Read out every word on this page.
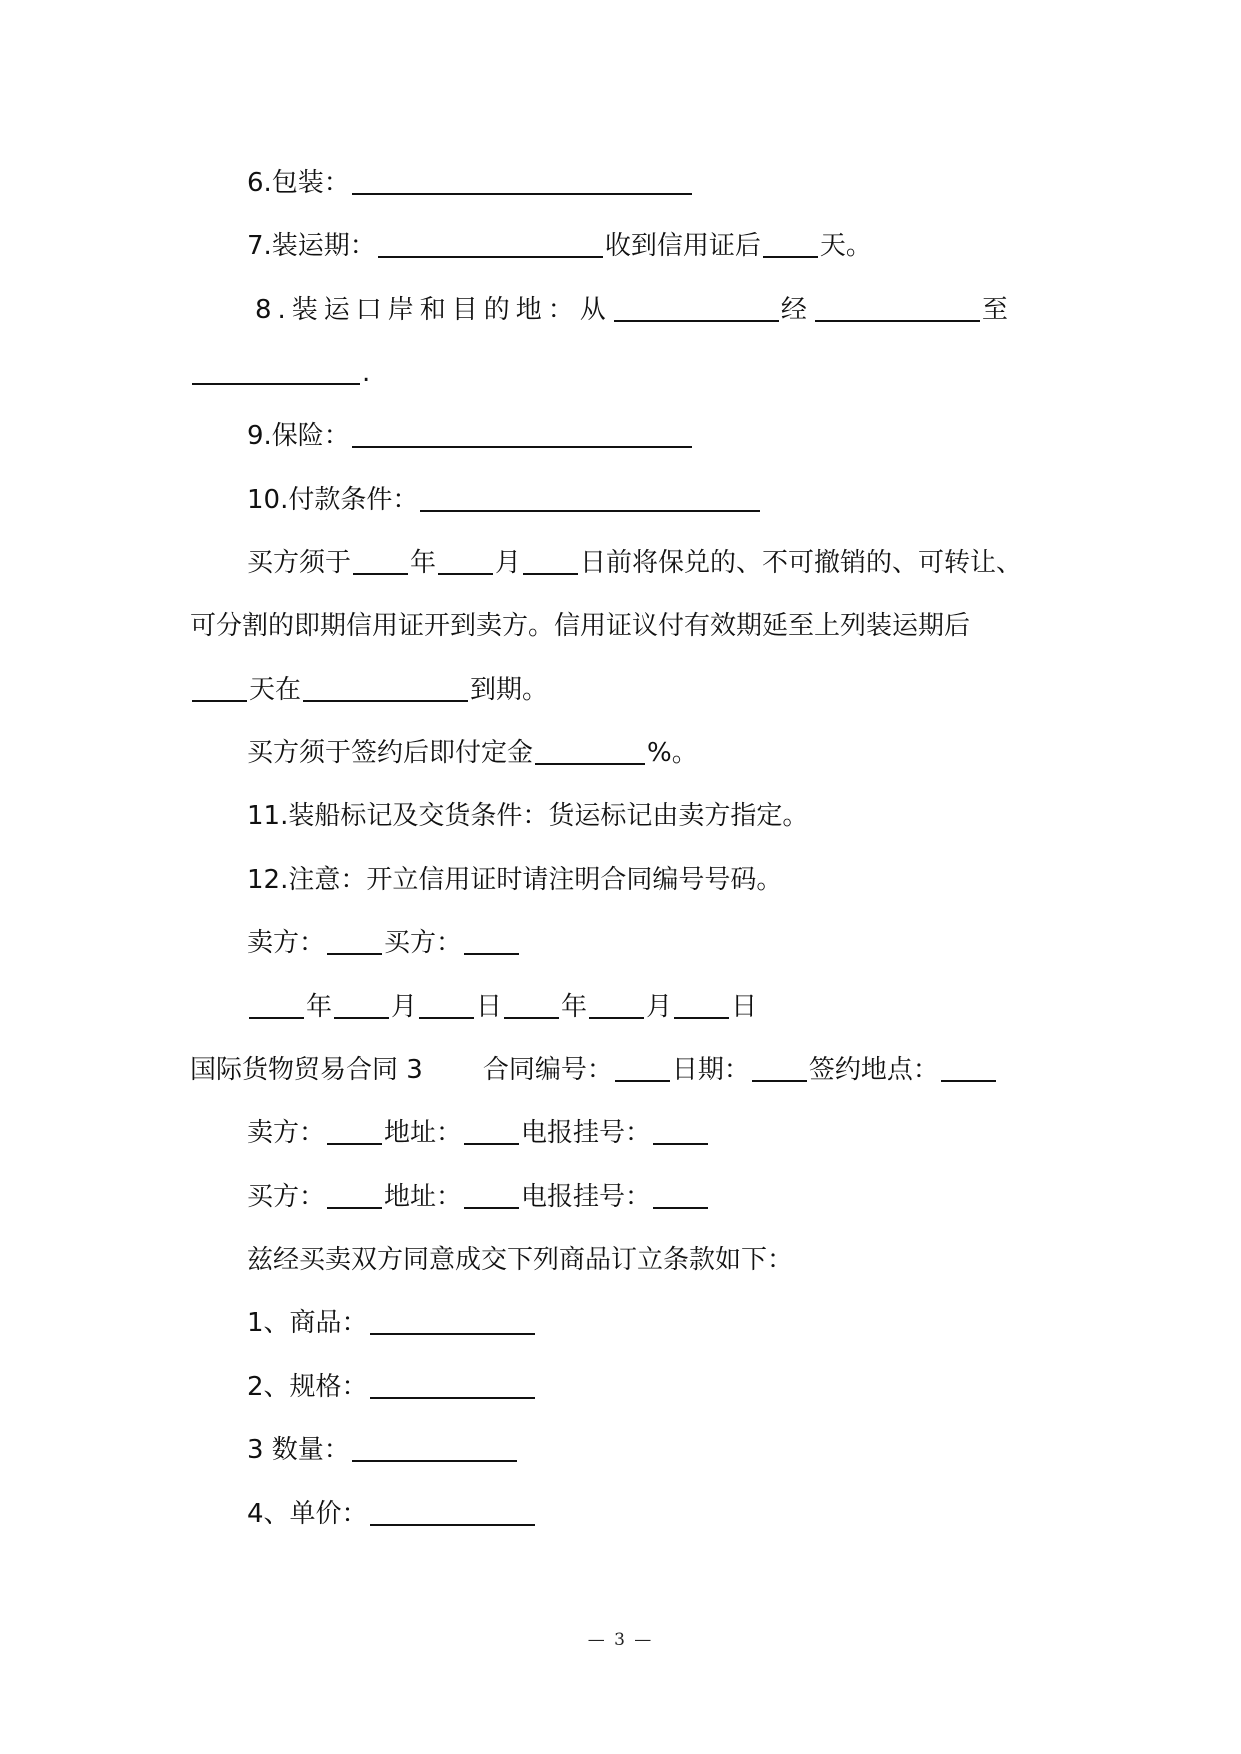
6.包装：
7.装运期：	收到信用证后 天。
8.装运口岸和目的地：从	经	至
.
9.保险：
10.付款条件：
买方须于 年 月 日前将保兑的、不可撤销的、可转让、
可分割的即期信用证开到卖方。信用证议付有效期延至上列装运期后
天在	到期。
买方须于签约后即付定金	%。
11.装船标记及交货条件：货运标记由卖方指定。
12.注意：开立信用证时请注明合同编号号码。
卖方： 买方：
年 月 日 年 月 日
国际货物贸易合同 3 合同编号： 日期： 签约地点：
卖方： 地址： 电报挂号：
买方： 地址： 电报挂号：
兹经买卖双方同意成交下列商品订立条款如下：
1、商品：
2、规格：
3 数量：
4、单价：
— 3 —
